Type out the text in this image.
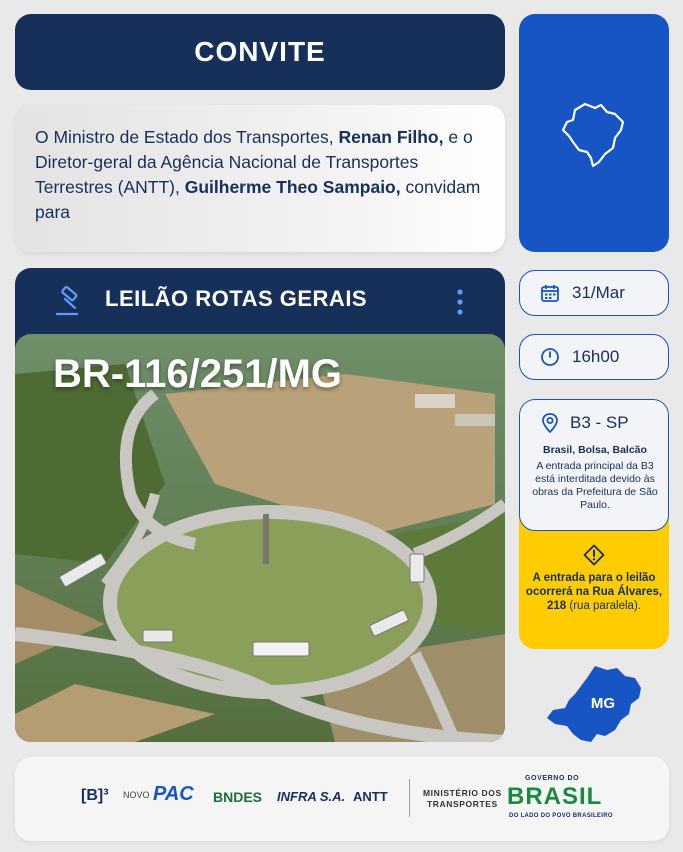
CONVITE

O Ministro de Estado dos Transportes, Renan Filho, e o Diretor-geral da Agência Nacional de Transportes Terrestres (ANTT), Guilherme Theo Sampaio, convidam para

LEILÃO ROTAS GERAIS
BR-116/251/MG
31/Mar
16h00
B3 - SP
Brasil, Bolsa, Balcão
A entrada principal da B3 está interditada devido às obras da Prefeitura de São Paulo.
A entrada para o leilão ocorrerá na Rua Álvares, 218 (rua paralela).
MG
[B]³ NOVO PAC BNDES INFRA S.A. ANTT	MINISTÉRIO DOS
TRANSPORTES
GOVERNO DO
BRASIL
DO LADO DO POVO BRASILEIRO
